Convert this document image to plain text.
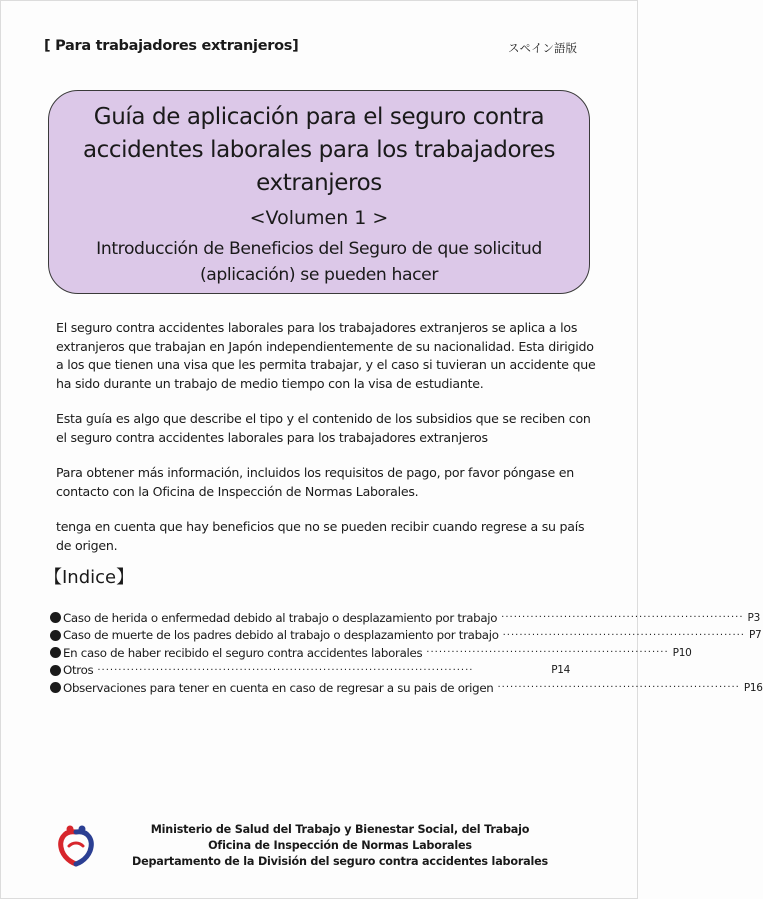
[ Para trabajadores extranjeros]	スペイン語版
Guía de aplicación para el seguro contra accidentes laborales para los trabajadores extranjeros
<Volumen 1 >
Introducción de Beneficios del Seguro de que solicitud (aplicación) se pueden hacer

El seguro contra accidentes laborales para los trabajadores extranjeros se aplica a los extranjeros que trabajan en Japón independientemente de su nacionalidad. Esta dirigido a los que tienen una visa que les permita trabajar, y el caso si tuvieran un accidente que ha sido durante un trabajo de medio tiempo con la visa de estudiante.

Esta guía es algo que describe el tipo y el contenido de los subsidios que se reciben con el seguro contra accidentes laborales para los trabajadores extranjeros

Para obtener más información, incluidos los requisitos de pago, por favor póngase en contacto con la Oficina de Inspección de Normas Laborales.

tenga en cuenta que hay beneficios que no se pueden recibir cuando regrese a su país de origen.

【Indice】
Caso de herida o enfermedad debido al trabajo o desplazamiento por trabajo ·························································· P3
Caso de muerte de los padres debido al trabajo o desplazamiento por trabajo ·························································· P7
En caso de haber recibido el seguro contra accidentes laborales ·························································· P10
Otros ··························································································	P14
Observaciones para tener en cuenta en caso de regresar a su pais de origen ·························································· P16
Ministerio de Salud del Trabajo y Bienestar Social, del Trabajo
Oficina de Inspección de Normas Laborales
Departamento de la División del seguro contra accidentes laborales
